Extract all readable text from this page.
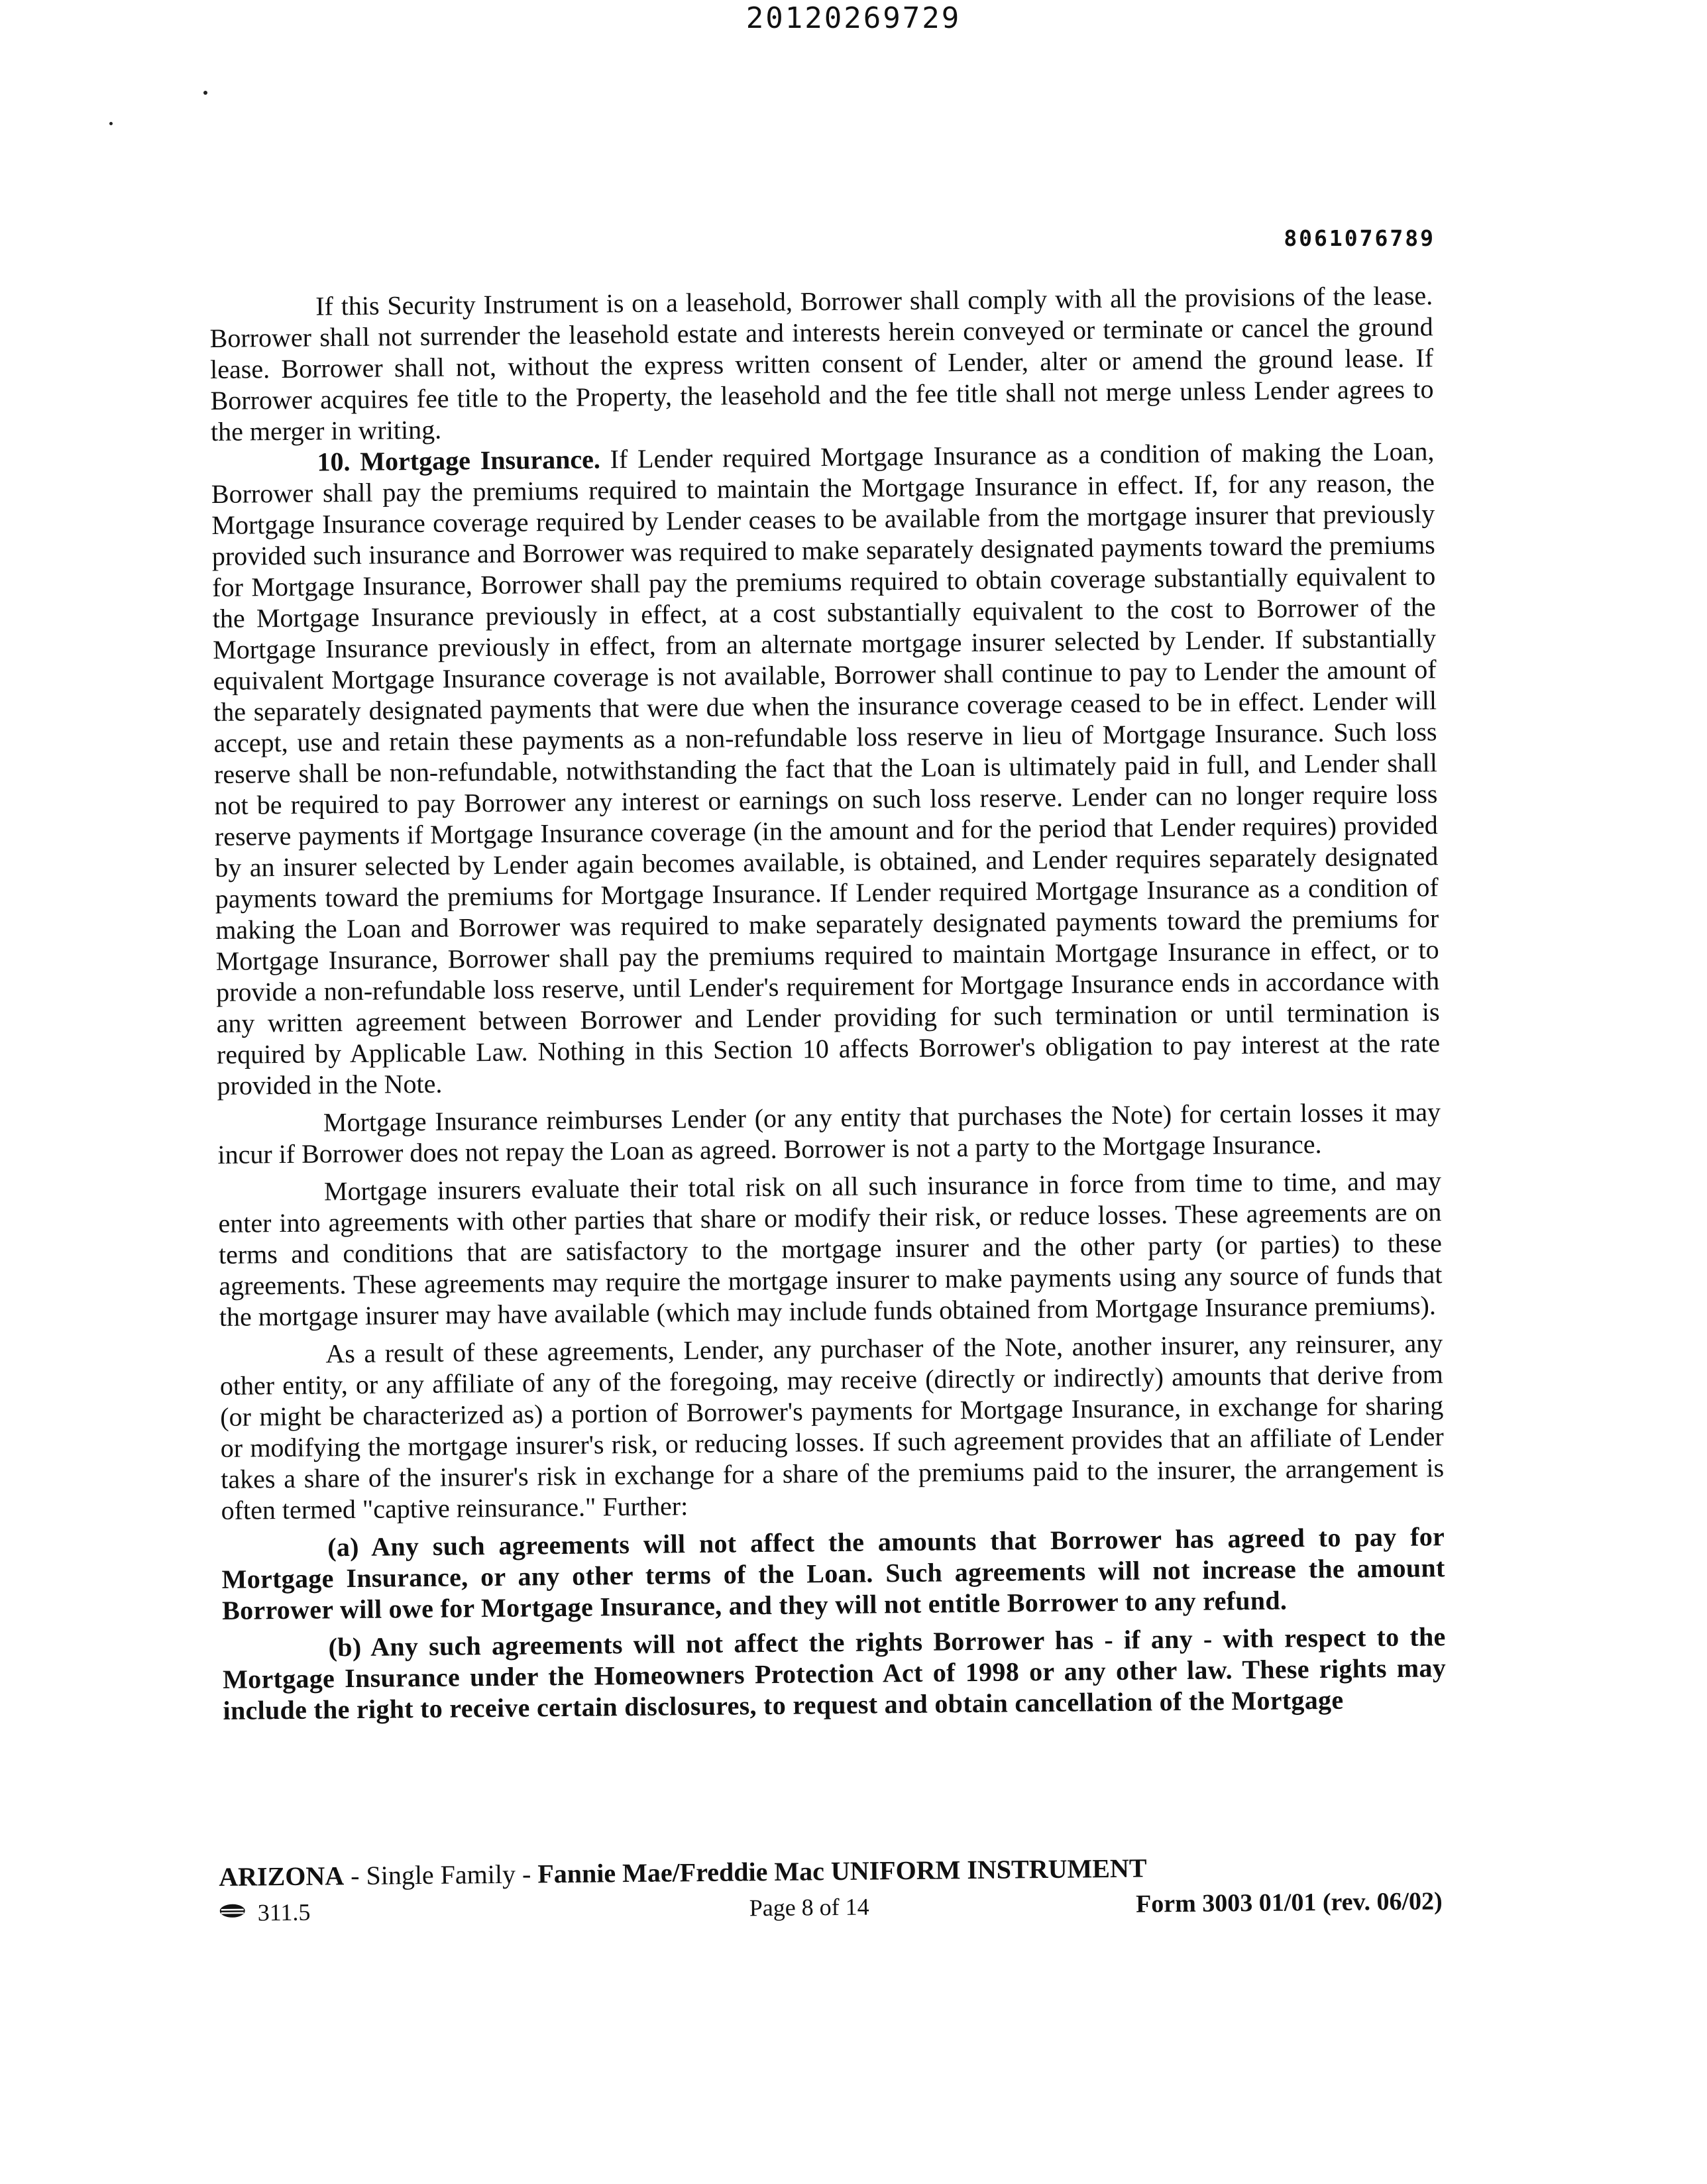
20120269729
8061076789

If this Security Instrument is on a leasehold, Borrower shall comply with all the provisions of the lease. Borrower shall not surrender the leasehold estate and interests herein conveyed or terminate or cancel the ground lease. Borrower shall not, without the express written consent of Lender, alter or amend the ground lease. If Borrower acquires fee title to the Property, the leasehold and the fee title shall not merge unless Lender agrees to the merger in writing.

10. Mortgage Insurance. If Lender required Mortgage Insurance as a condition of making the Loan, Borrower shall pay the premiums required to maintain the Mortgage Insurance in effect. If, for any reason, the Mortgage Insurance coverage required by Lender ceases to be available from the mortgage insurer that previously provided such insurance and Borrower was required to make separately designated payments toward the premiums for Mortgage Insurance, Borrower shall pay the premiums required to obtain coverage substantially equivalent to the Mortgage Insurance previously in effect, at a cost substantially equivalent to the cost to Borrower of the Mortgage Insurance previously in effect, from an alternate mortgage insurer selected by Lender. If substantially equivalent Mortgage Insurance coverage is not available, Borrower shall continue to pay to Lender the amount of the separately designated payments that were due when the insurance coverage ceased to be in effect. Lender will accept, use and retain these payments as a non-refundable loss reserve in lieu of Mortgage Insurance. Such loss reserve shall be non-refundable, notwithstanding the fact that the Loan is ultimately paid in full, and Lender shall not be required to pay Borrower any interest or earnings on such loss reserve. Lender can no longer require loss reserve payments if Mortgage Insurance coverage (in the amount and for the period that Lender requires) provided by an insurer selected by Lender again becomes available, is obtained, and Lender requires separately designated payments toward the premiums for Mortgage Insurance. If Lender required Mortgage Insurance as a condition of making the Loan and Borrower was required to make separately designated payments toward the premiums for Mortgage Insurance, Borrower shall pay the premiums required to maintain Mortgage Insurance in effect, or to provide a non-refundable loss reserve, until Lender's requirement for Mortgage Insurance ends in accordance with any written agreement between Borrower and Lender providing for such termination or until termination is required by Applicable Law. Nothing in this Section 10 affects Borrower's obligation to pay interest at the rate provided in the Note.

Mortgage Insurance reimburses Lender (or any entity that purchases the Note) for certain losses it may incur if Borrower does not repay the Loan as agreed. Borrower is not a party to the Mortgage Insurance.

Mortgage insurers evaluate their total risk on all such insurance in force from time to time, and may enter into agreements with other parties that share or modify their risk, or reduce losses. These agreements are on terms and conditions that are satisfactory to the mortgage insurer and the other party (or parties) to these agreements. These agreements may require the mortgage insurer to make payments using any source of funds that the mortgage insurer may have available (which may include funds obtained from Mortgage Insurance premiums).

As a result of these agreements, Lender, any purchaser of the Note, another insurer, any reinsurer, any other entity, or any affiliate of any of the foregoing, may receive (directly or indirectly) amounts that derive from (or might be characterized as) a portion of Borrower's payments for Mortgage Insurance, in exchange for sharing or modifying the mortgage insurer's risk, or reducing losses. If such agreement provides that an affiliate of Lender takes a share of the insurer's risk in exchange for a share of the premiums paid to the insurer, the arrangement is often termed "captive reinsurance." Further:

(a) Any such agreements will not affect the amounts that Borrower has agreed to pay for Mortgage Insurance, or any other terms of the Loan. Such agreements will not increase the amount Borrower will owe for Mortgage Insurance, and they will not entitle Borrower to any refund.

(b) Any such agreements will not affect the rights Borrower has - if any - with respect to the Mortgage Insurance under the Homeowners Protection Act of 1998 or any other law. These rights may include the right to receive certain disclosures, to request and obtain cancellation of the Mortgage

ARIZONA - Single Family - Fannie Mae/Freddie Mac UNIFORM INSTRUMENT
311.5	Page 8 of 14	Form 3003 01/01 (rev. 06/02)
